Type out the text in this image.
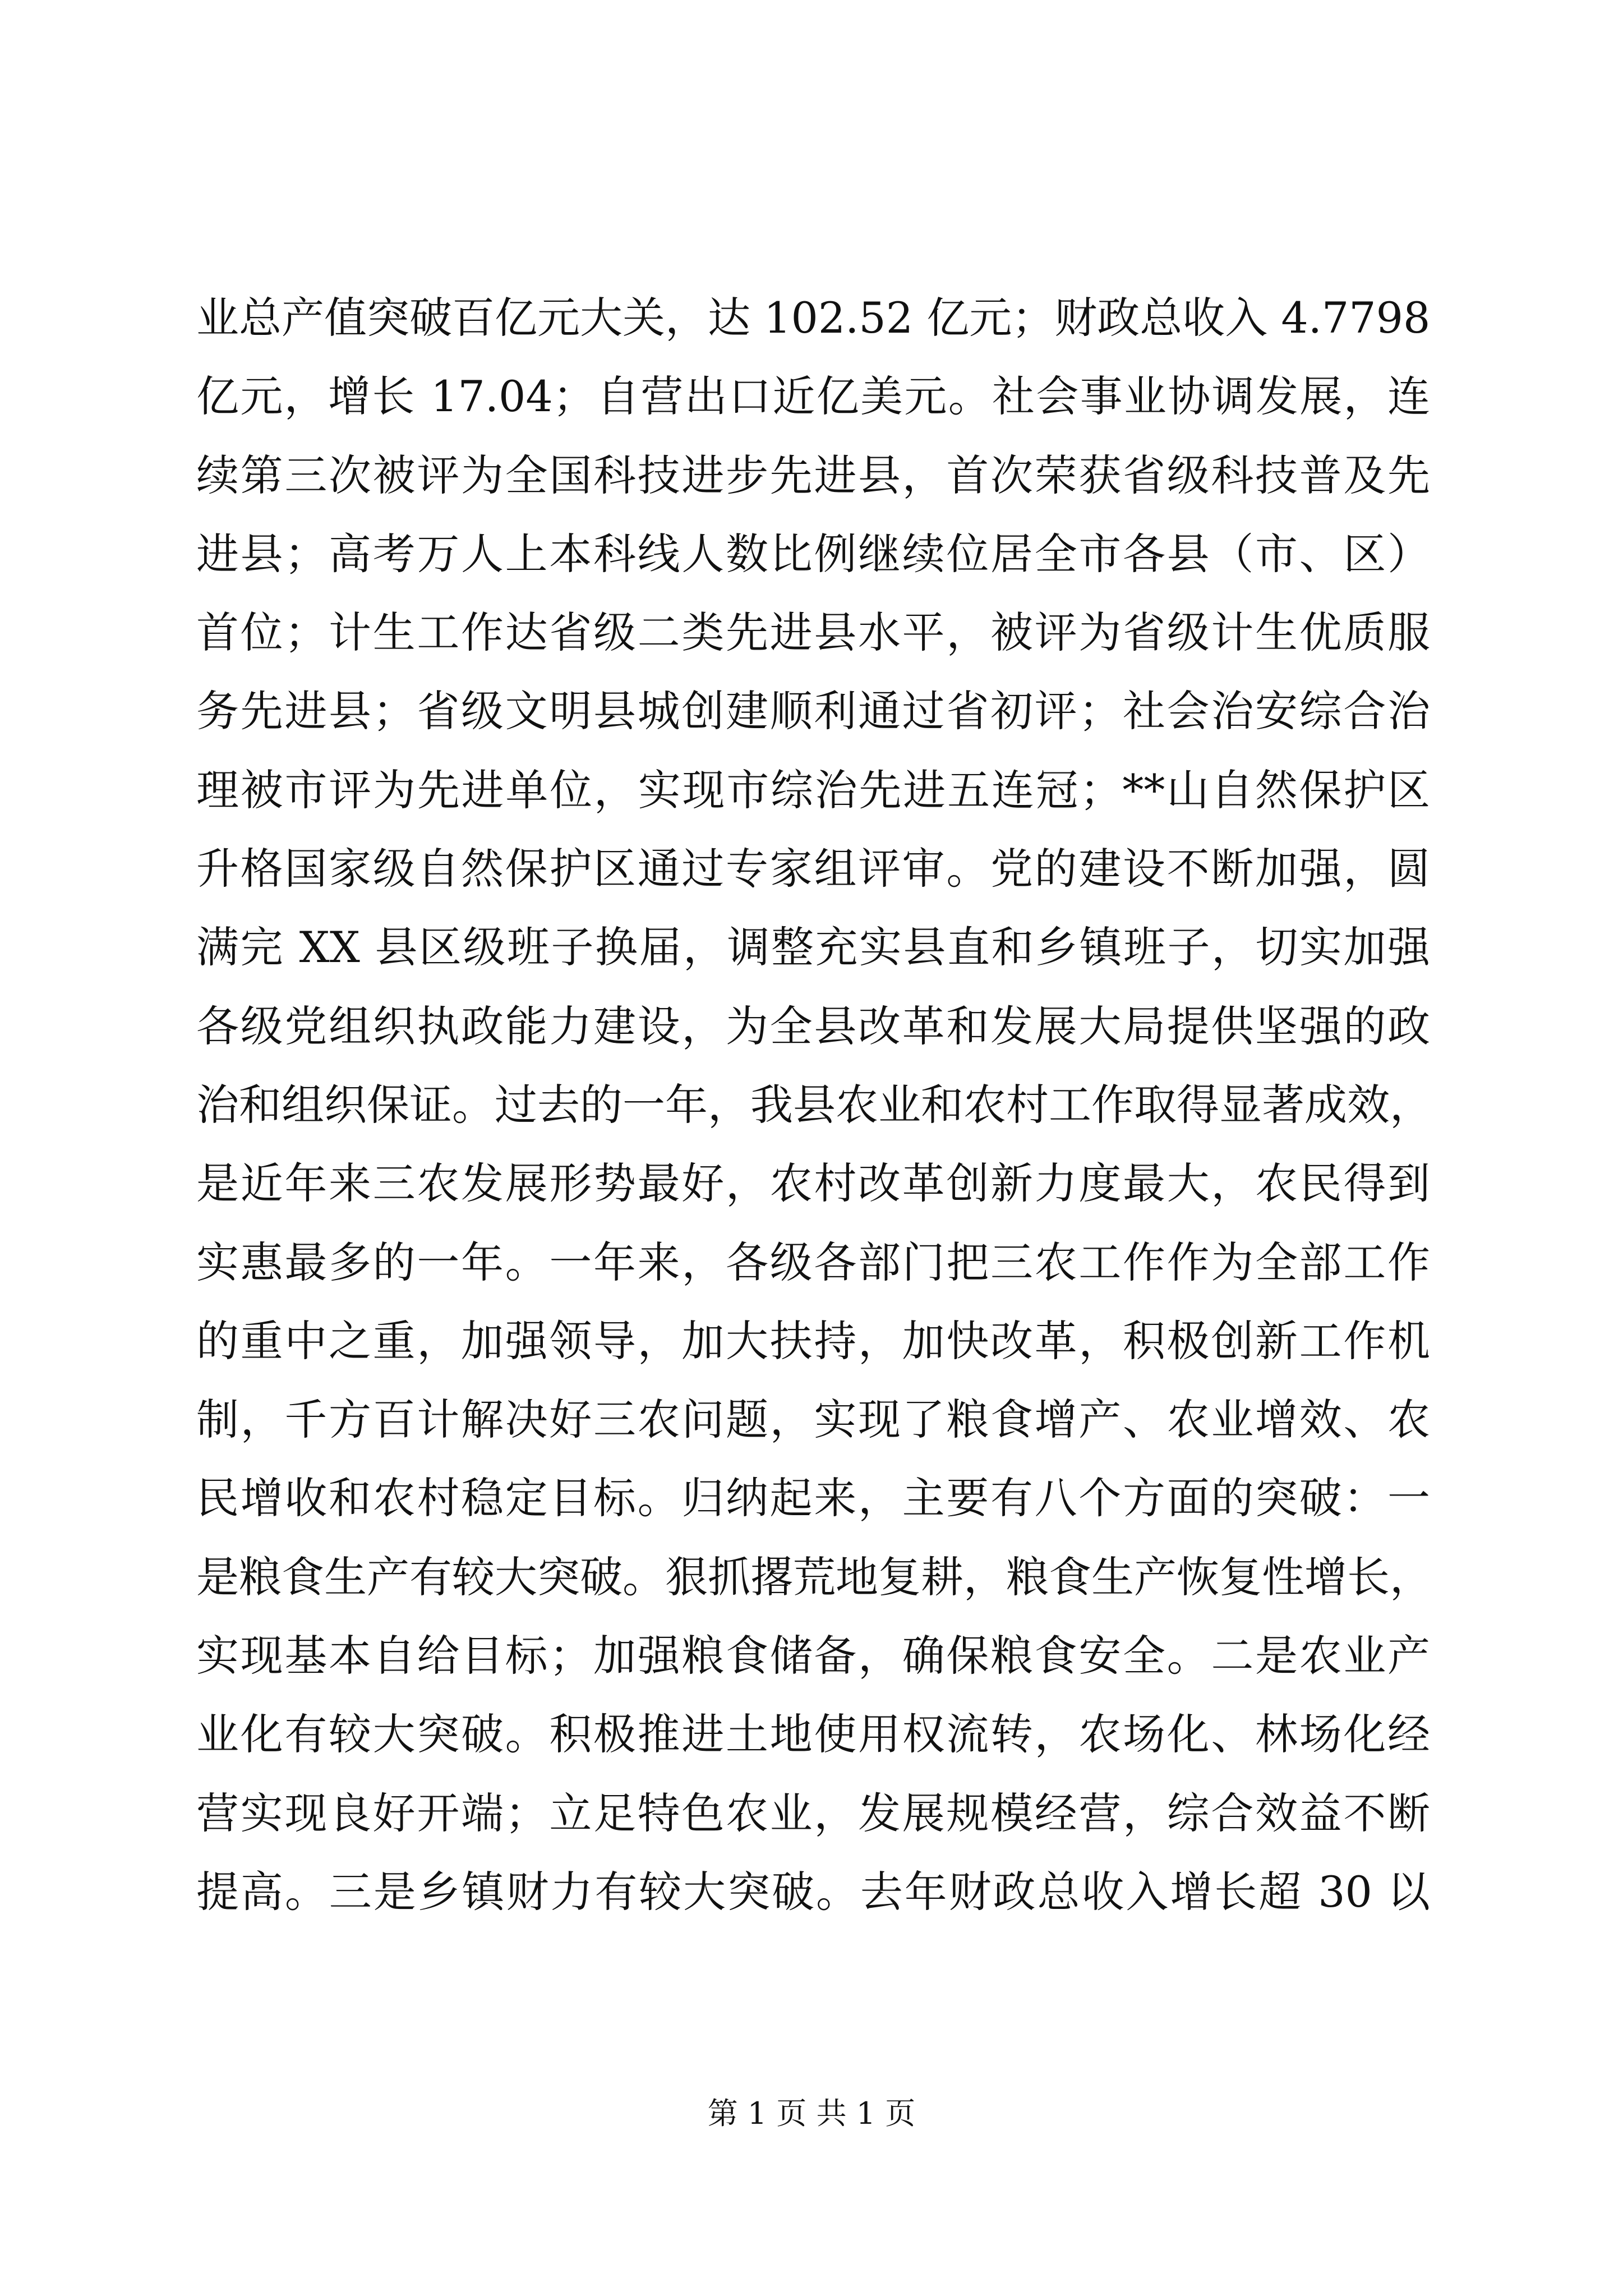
业总产值突破百亿元大关，达 102.52 亿元；财政总收入 4.7798
亿元，增长 17.04；自营出口近亿美元。社会事业协调发展，连
续第三次被评为全国科技进步先进县，首次荣获省级科技普及先
进县；高考万人上本科线人数比例继续位居全市各县（市、区）
首位；计生工作达省级二类先进县水平，被评为省级计生优质服
务先进县；省级文明县城创建顺利通过省初评；社会治安综合治
理被市评为先进单位，实现市综治先进五连冠；**山自然保护区
升格国家级自然保护区通过专家组评审。党的建设不断加强，圆
满完 XX 县区级班子换届，调整充实县直和乡镇班子，切实加强
各级党组织执政能力建设，为全县改革和发展大局提供坚强的政
治和组织保证。过去的一年，我县农业和农村工作取得显著成效，
是近年来三农发展形势最好，农村改革创新力度最大，农民得到
实惠最多的一年。一年来，各级各部门把三农工作作为全部工作
的重中之重，加强领导，加大扶持，加快改革，积极创新工作机
制，千方百计解决好三农问题，实现了粮食增产、农业增效、农
民增收和农村稳定目标。归纳起来，主要有八个方面的突破：一
是粮食生产有较大突破。狠抓撂荒地复耕，粮食生产恢复性增长，
实现基本自给目标；加强粮食储备，确保粮食安全。二是农业产
业化有较大突破。积极推进土地使用权流转，农场化、林场化经
营实现良好开端；立足特色农业，发展规模经营，综合效益不断
提高。三是乡镇财力有较大突破。去年财政总收入增长超 30 以
第 1 页 共 1 页
